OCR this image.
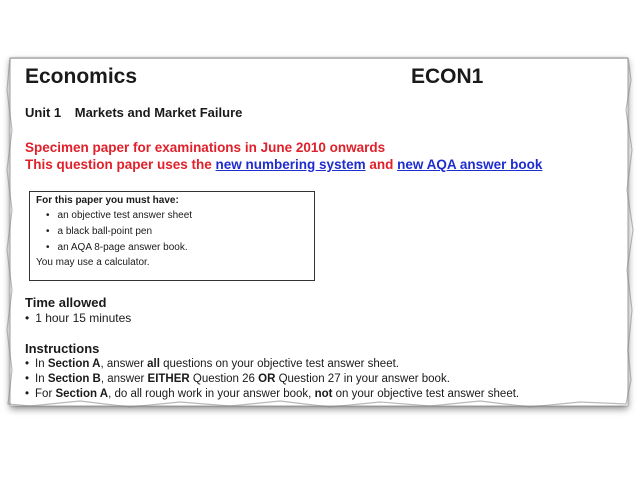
Economics	ECON1
Unit 1 Markets and Market Failure
Specimen paper for examinations in June 2010 onwards
This question paper uses the new numbering system and new AQA answer book
For this paper you must have:
• an objective test answer sheet
• a black ball-point pen
• an AQA 8-page answer book.
You may use a calculator.
Time allowed
•1 hour 15 minutes
Instructions
•In Section A, answer all questions on your objective test answer sheet.
•In Section B, answer EITHER Question 26 OR Question 27 in your answer book.
•For Section A, do all rough work in your answer book, not on your objective test answer sheet.
